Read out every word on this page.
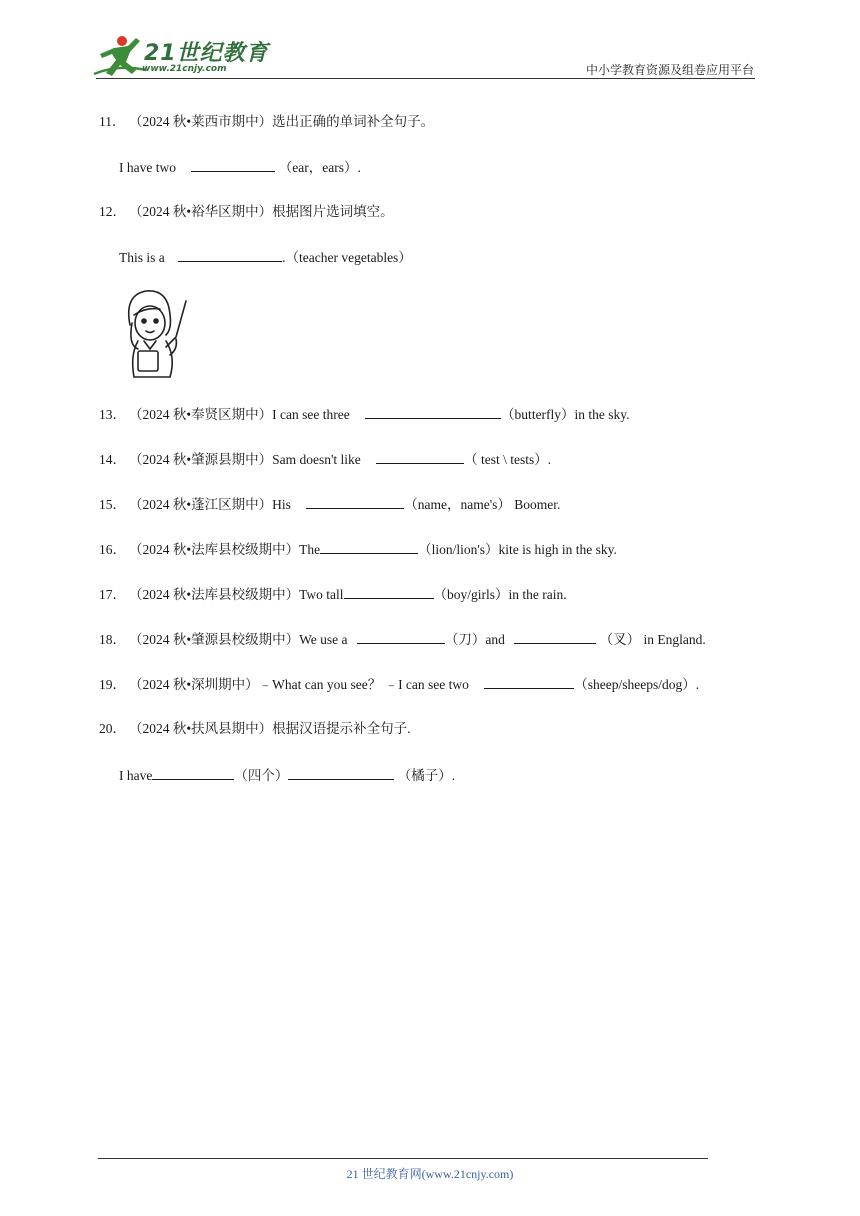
21世纪教育
www.21cnjy.com	中小学教育资源及组卷应用平台
11． （2024 秋•莱西市期中）选出正确的单词补全句子。
I have two	（ear，ears）.
12． （2024 秋•裕华区期中）根据图片选词填空。
This is a	.（teacher vegetables）
13． （2024 秋•奉贤区期中）I can see three	（butterfly）in the sky.
14． （2024 秋•肇源县期中）Sam doesn't like	（ test \ tests）.
15． （2024 秋•蓬江区期中）His	（name，name's） Boomer.
16． （2024 秋•法库县校级期中）The	（lion/lion's）kite is high in the sky.
17． （2024 秋•法库县校级期中）Two tall	（boy/girls）in the rain.
18． （2024 秋•肇源县校级期中）We use a	（刀）and	（叉） in England.
19． （2024 秋•深圳期中）﹣What can you see？ ﹣I can see two	（sheep/sheeps/dog）.
20． （2024 秋•扶风县期中）根据汉语提示补全句子.
I have	（四个）	（橘子）.
21 世纪教育网(www.21cnjy.com)
